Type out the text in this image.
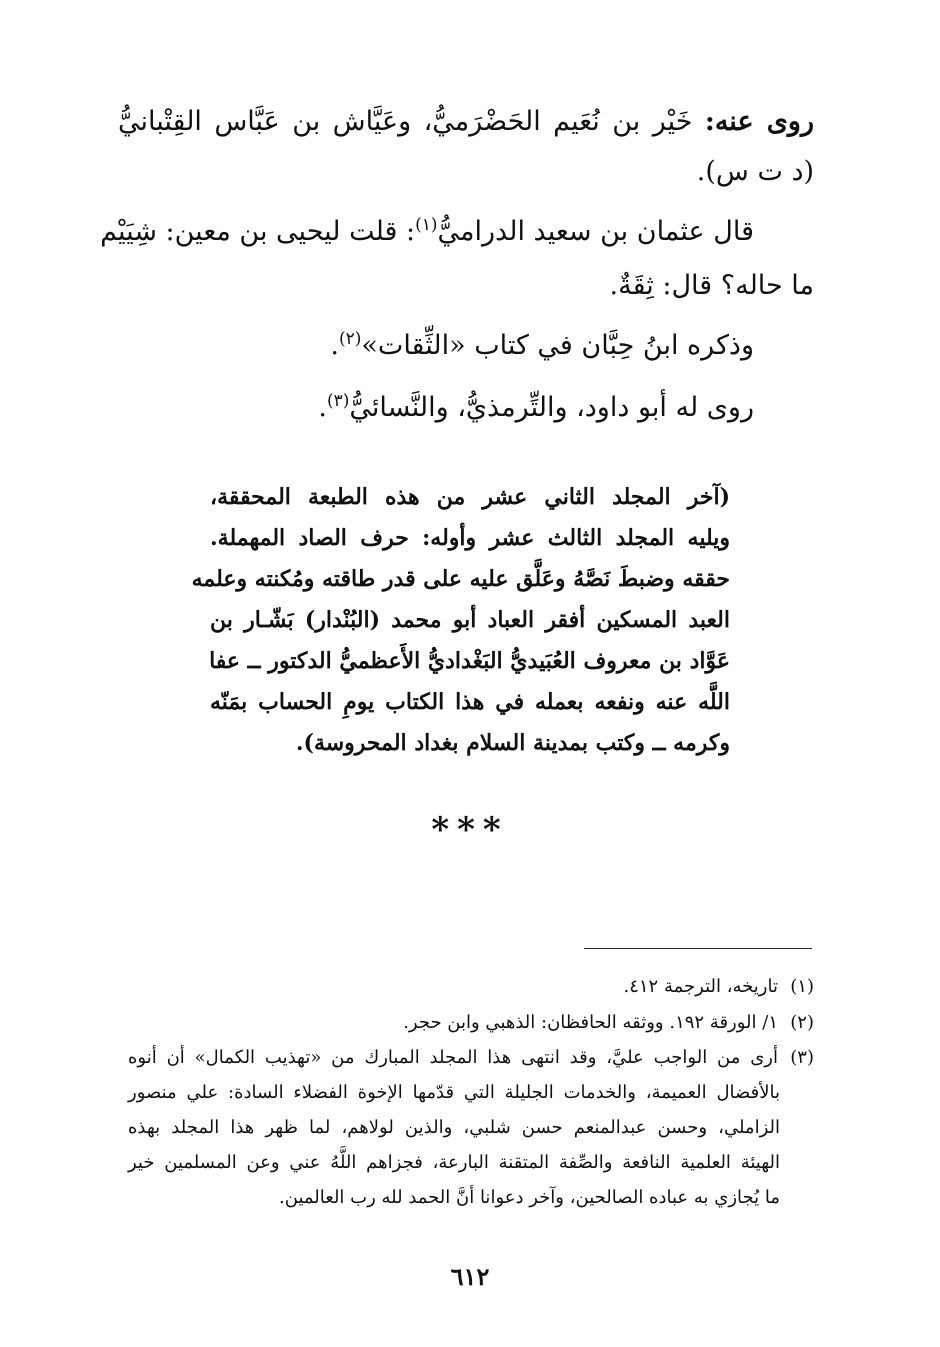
روى عنه: خَيْر بن نُعَيم الحَضْرَميُّ، وعَيَّاش بن عَبَّاس القِتْبانيُّ
(د ت س).
قال عثمان بن سعيد الدراميُّ$^{(١)}$: قلت ليحيى بن معين: شِيَيْم
ما حاله؟ قال: ثِقَةٌ.
وذكره ابنُ حِبَّان في كتاب «الثِّقات»$^{(٢)}$.
روى له أبو داود، والتِّرمذيُّ، والنَّسائيُّ$^{(٣)}$.
(آخر المجلد الثاني عشر من هذه الطبعة المحققة،
ويليه المجلد الثالث عشر وأوله: حرف الصاد المهملة.
حققه وضبطَ نَصَّهُ وعَلَّق عليه على قدر طاقته ومُكنته وعلمه
العبد المسكين أفقر العباد أبو محمد (البُنْدار) بَشّـار بن
عَوَّاد بن معروف العُبَيديُّ البَغْداديُّ الأَعظميُّ الدكتور ــ عفا
اللَّه عنه ونفعه بعمله في هذا الكتاب يومِ الحساب بمَنّه
وكرمه ــ وكتب بمدينة السلام بغداد المحروسة).
***
(١)تاريخه، الترجمة ٤١٢.
(٢)١/ الورقة ١٩٢. ووثقه الحافظان: الذهبي وابن حجر.
(٣)أرى من الواجب عليَّ، وقد انتهى هذا المجلد المبارك من «تهذيب الكمال» أن أنوه
بالأفضال العميمة، والخدمات الجليلة التي قدّمها الإخوة الفضلاء السادة: علي منصور
الزاملي، وحسن عبدالمنعم حسن شلبي، والذين لولاهم، لما ظهر هذا المجلد بهذه
الهيئة العلمية النافعة والصِّفة المتقنة البارعة، فجزاهم اللَّهُ عني وعن المسلمين خير
ما يُجازي به عباده الصالحين، وآخر دعوانا أنَّ الحمد لله رب العالمين.
٦١٢
